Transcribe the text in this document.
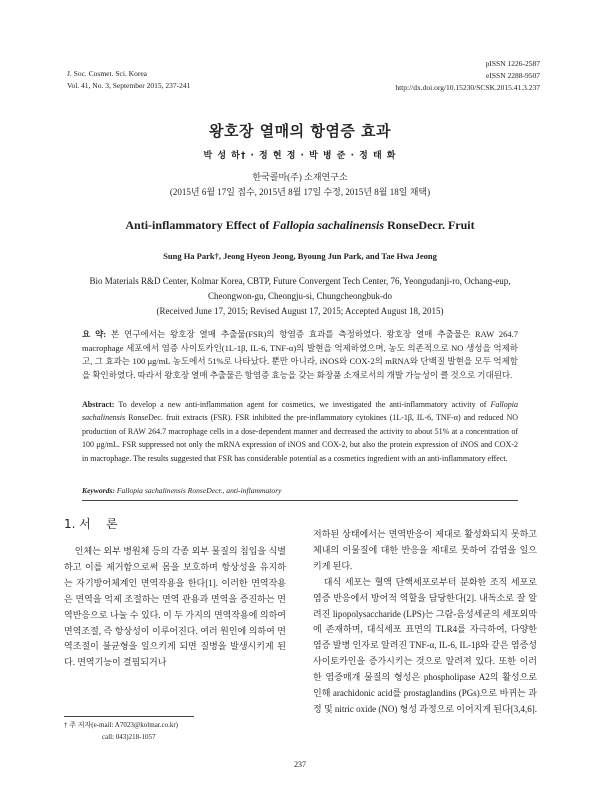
J. Soc. Cosmet. Sci. Korea
Vol. 41, No. 3, September 2015, 237-241
pISSN 1226-2587
eISSN 2288-9507
http://dx.doi.org/10.15230/SCSK.2015.41.3.237
왕호장 열매의 항염증 효과
박 성 하† · 정 현 정 · 박 병 준 · 정 태 화
한국콜마(주) 소재연구소
(2015년 6월 17일 접수, 2015년 8월 17일 수정, 2015년 8월 18일 채택)
Anti-inflammatory Effect of Fallopia sachalinensis RonseDecr. Fruit
Sung Ha Park†, Jeong Hyeon Jeong, Byoung Jun Park, and Tae Hwa Jeong
Bio Materials R&D Center, Kolmar Korea, CBTP, Future Convergent Tech Center, 76, Yeongudanji-ro, Ochang-eup,
Cheongwon-gu, Cheongju-si, Chungcheongbuk-do
(Received June 17, 2015; Revised August 17, 2015; Accepted August 18, 2015)
요 약: 본 연구에서는 왕호장 열매 추출물(FSR)의 항염증 효과를 측정하였다. 왕호장 열매 추출물은 RAW 264.7 macrophage 세포에서 염증 사이토카인(1L-1β, IL-6, TNF-α)의 발현을 억제하였으며, 농도 의존적으로 NO 생성을 억제하고, 그 효과는 100 μg/mL 농도에서 51%로 나타났다. 뿐만 아니라, iNOS와 COX-2의 mRNA와 단백질 발현을 모두 억제함을 확인하였다. 따라서 왕호장 열매 추출물은 항염증 효능을 갖는 화장품 소재로서의 개발 가능성이 클 것으로 기대된다.
Abstract: To develop a new anti-inflammation agent for cosmetics, we investigated the anti-inflammatory activity of Fallopia sachalinensis RonseDec. fruit extracts (FSR). FSR inhibited the pre-inflammatory cytokines (1L-1β, IL-6, TNF-α) and reduced NO production of RAW 264.7 macrophage cells in a dose-dependent manner and decreased the activity to about 51% at a concentration of 100 μg/mL. FSR suppressed not only the mRNA expression of iNOS and COX-2, but also the protein expression of iNOS and COX-2 in macrophage. The results suggested that FSR has considerable potential as a cosmetics ingredient with an anti-inflammatory effect.
Keywords: Fallopia sachalinensis RonseDecr., anti-inflammatory
1. 서    론

인체는 외부 병원체 등의 각종 외부 물질의 침입을 식별하고 이를 제거함으로써 몸을 보호하며 항상성을 유지하는 자기방어체계인 면역작용을 한다[1]. 이러한 면역작용은 면역을 억제 조절하는 면역 관용과 면역을 증진하는 면역반응으로 나눌 수 있다. 이 두 가지의 면역작용에 의하여 면역조절, 즉 항상성이 이루어진다. 여러 원인에 의하여 면역조절이 불균형을 일으키게 되면 질병을 발생시키게 된다. 면역기능이 결핍되거나

저하된 상태에서는 면역반응이 제대로 활성화되지 못하고 체내의 이물질에 대한 반응을 제대로 못하여 감염을 일으키게 된다.

대식 세포는 혈액 단핵세포로부터 분화한 조직 세포로 염증 반응에서 방어적 역할을 담당한다[2]. 내독소로 잘 알려진 lipopolysaccharide (LPS)는 그람-음성세균의 세포외막에 존재하며, 대식세포 표면의 TLR4를 자극하여, 다양한 염증 발병 인자로 알려진 TNF-α, IL-6, IL-1β와 같은 염증성 사이토카인을 증가시키는 것으로 알려져 있다. 또한 이러한 염증매개 물질의 형성은 phospholipase A2의 활성으로 인해 arachidonic acid를 prostaglandins (PGs)으로 바뀌는 과정 및 nitric oxide (NO) 형성 과정으로 이어지게 된다[3,4,6].

† 주 저자(e-mail: A7023@kolmar.co.kr)
call: 043)218-1057
237
